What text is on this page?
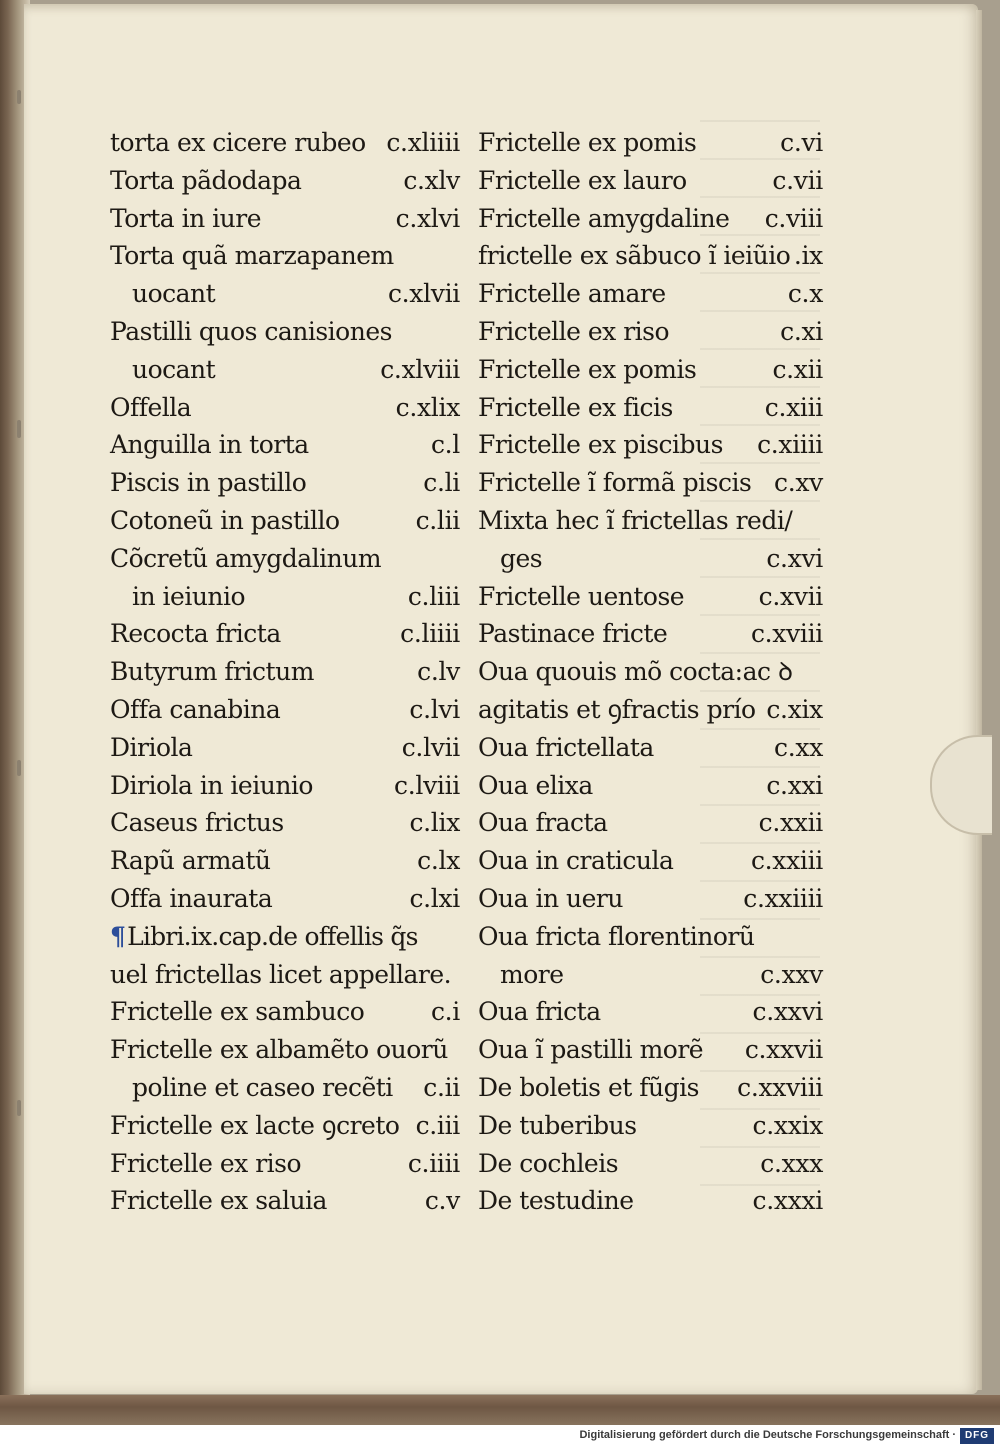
torta ex cicere rubeo c.xliiii
Torta pãdodapa	c.xlv
Torta in iure	c.xlvi
Torta quã marzapanem
uocant	c.xlvii
Pastilli quos canisiones
uocant	c.xlviii
Offella	c.xlix
Anguilla in torta	c.l
Piscis in pastillo	c.li
Cotoneũ in pastillo	c.lii
Cõcretũ amygdalinum
in ieiunio	c.liii
Recocta fricta	c.liiii
Butyrum frictum	c.lv
Offa canabina	c.lvi
Diriola	c.lvii
Diriola in ieiunio	c.lviii
Caseus frictus	c.lix
Rapũ armatũ	c.lx
Offa inaurata	c.lxi
¶Libri.ix.cap.de offellis q̃s
uel frictellas licet appellare.
Frictelle ex sambuco	c.i
Frictelle ex albamẽto ouorũ
poline et caseo recẽti c.ii
Frictelle ex lacte ꝯcreto c.iii
Frictelle ex riso	c.iiii
Frictelle ex saluia	c.v
Frictelle ex pomis	c.vi
Frictelle ex lauro	c.vii
Frictelle amygdaline c.viii
frictelle ex sãbuco ĩ ieiũio .ix
Frictelle amare	c.x
Frictelle ex riso	c.xi
Frictelle ex pomis	c.xii
Frictelle ex ficis	c.xiii
Frictelle ex piscibus c.xiiii
Frictelle ĩ formã piscis c.xv
Mixta hec ĩ frictellas redi/
ges	c.xvi
Frictelle uentose	c.xvii
Pastinace fricte	c.xviii
Oua quouis mõ cocta:ac ꝺ
agitatis et ꝯfractis prío c.xix
Oua frictellata	c.xx
Oua elixa	c.xxi
Oua fracta	c.xxii
Oua in craticula	c.xxiii
Oua in ueru	c.xxiiii
Oua fricta florentinorũ
more	c.xxv
Oua fricta	c.xxvi
Oua ĩ pastilli morẽ c.xxvii
De boletis et fũgis c.xxviii
De tuberibus	c.xxix
De cochleis	c.xxx
De testudine	c.xxxi
Digitalisierung gefördert durch die Deutsche Forschungsgemeinschaft · DFG
